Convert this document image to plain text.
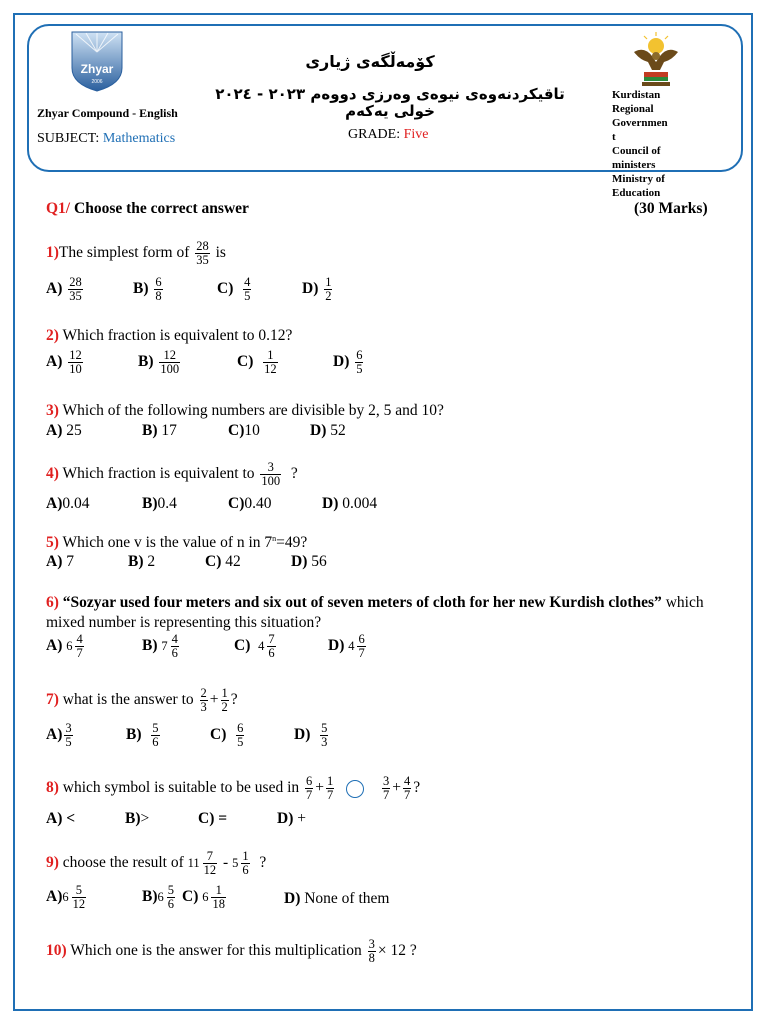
Zhyar
2006
کۆمەڵگەی ژیاری
تاقیکردنەوەی نیوەی وەرزی دووەم ٢٠٢٣ - ٢٠٢٤ خولی یەکەم
Zhyar Compound - English
SUBJECT: Mathematics	GRADE: Five
Kurdistan
Regional
Governmen
t
Council of
ministers
Ministry of
Education
Q1/ Choose the correct answer	(30 Marks)
1)The simplest form of $\frac{28}{35}$ is
$A) \frac{28}{35}$	$B) \frac{6}{8}$	$C) \frac{4}{5}$	$D) \frac{1}{2}$
2) Which fraction is equivalent to 0.12?
$A) \frac{12}{10}$	$B) \frac{12}{100}$	$C) \frac{1}{12}$	$D) \frac{6}{5}$
3) Which of the following numbers are divisible by 2, 5 and 10?
A) 25	B) 17	C)10	D) 52
4) Which fraction is equivalent to $\frac{3}{100}$ ?
A)0.04	B)0.4	C)0.40	D) 0.004
5) Which one v is the value of n in $7^n=49$?
A) 7	B) 2	C) 42	D) 56
6) “Sozyar used four meters and six out of seven meters of cloth for her new Kurdish clothes” which mixed number is representing this situation?
A) $6 \frac{4}{7}$	B) $7 \frac{4}{6}$	C) $4 \frac{7}{6}$	D) $4 \frac{6}{7}$
7) what is the answer to $\frac{2}{3} + \frac{1}{2}$ ?
$A) \frac{3}{5}$	$B) \frac{5}{6}$	$C) \frac{6}{5}$	$D) \frac{5}{3}$
8) which symbol is suitable to be used in $\frac{6}{7} + \frac{1}{7}$
	$\frac{3}{7} + \frac{4}{7}$ ?
A) <	B)>	C) =	D) +
9) choose the result of $11 \frac{7}{12} - 5 \frac{1}{6}$ ?
A) $6 \frac{5}{12}$	B) $6 \frac{5}{6} C$) $6 \frac{1}{18}$	D) None of them
10) Which one is the answer for this multiplication $\frac{3}{8} \times 12$ ?
